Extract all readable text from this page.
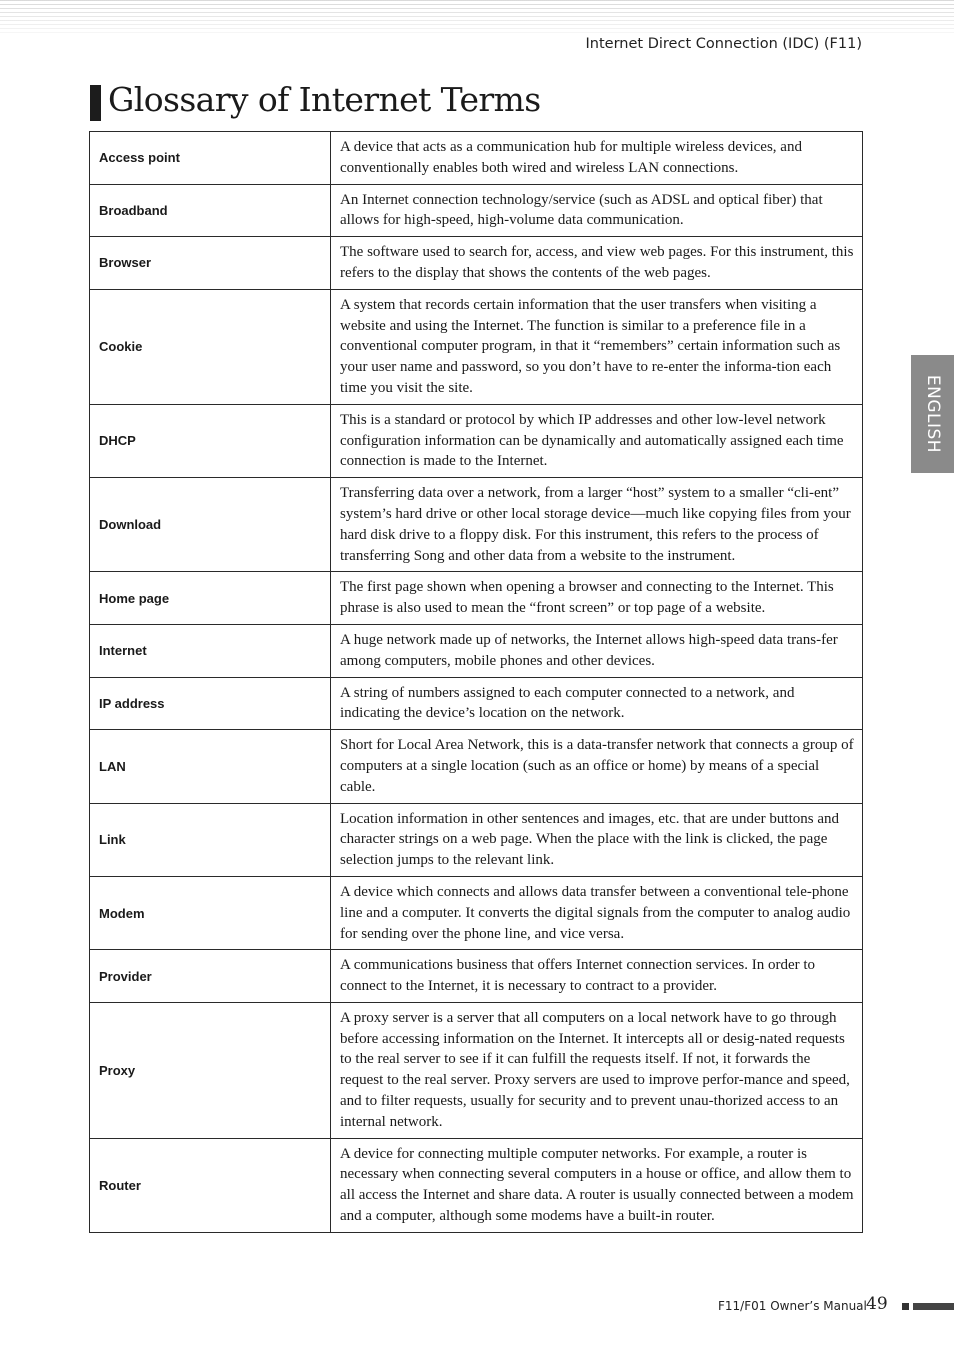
Internet Direct Connection (IDC) (F11)
Glossary of Internet Terms
Access point	A device that acts as a communication hub for multiple wireless devices, and conventionally enables both wired and wireless LAN connections.
Broadband	An Internet connection technology/service (such as ADSL and optical fiber) that allows for high-speed, high-volume data communication.
Browser	The software used to search for, access, and view web pages. For this instrument, this refers to the display that shows the contents of the web pages.
Cookie	A system that records certain information that the user transfers when visiting a website and using the Internet. The function is similar to a preference file in a conventional computer program, in that it “remembers” certain information such as your user name and password, so you don’t have to re-enter the informa-tion each time you visit the site.
DHCP	This is a standard or protocol by which IP addresses and other low-level network configuration information can be dynamically and automatically assigned each time connection is made to the Internet.
Download	Transferring data over a network, from a larger “host” system to a smaller “cli-ent” system’s hard drive or other local storage device—much like copying files from your hard disk drive to a floppy disk. For this instrument, this refers to the process of transferring Song and other data from a website to the instrument.
Home page	The first page shown when opening a browser and connecting to the Internet. This phrase is also used to mean the “front screen” or top page of a website.
Internet	A huge network made up of networks, the Internet allows high-speed data trans-fer among computers, mobile phones and other devices.
IP address	A string of numbers assigned to each computer connected to a network, and indicating the device’s location on the network.
LAN	Short for Local Area Network, this is a data-transfer network that connects a group of computers at a single location (such as an office or home) by means of a special cable.
Link	Location information in other sentences and images, etc. that are under buttons and character strings on a web page. When the place with the link is clicked, the page selection jumps to the relevant link.
Modem	A device which connects and allows data transfer between a conventional tele-phone line and a computer. It converts the digital signals from the computer to analog audio for sending over the phone line, and vice versa.
Provider	A communications business that offers Internet connection services. In order to connect to the Internet, it is necessary to contract to a provider.
Proxy	A proxy server is a server that all computers on a local network have to go through before accessing information on the Internet. It intercepts all or desig-nated requests to the real server to see if it can fulfill the requests itself. If not, it forwards the request to the real server. Proxy servers are used to improve perfor-mance and speed, and to filter requests, usually for security and to prevent unau-thorized access to an internal network.
Router	A device for connecting multiple computer networks. For example, a router is necessary when connecting several computers in a house or office, and allow them to all access the Internet and share data. A router is usually connected between a modem and a computer, although some modems have a built-in router.
ENGLISH
F11/F01 Owner’s Manual 49
